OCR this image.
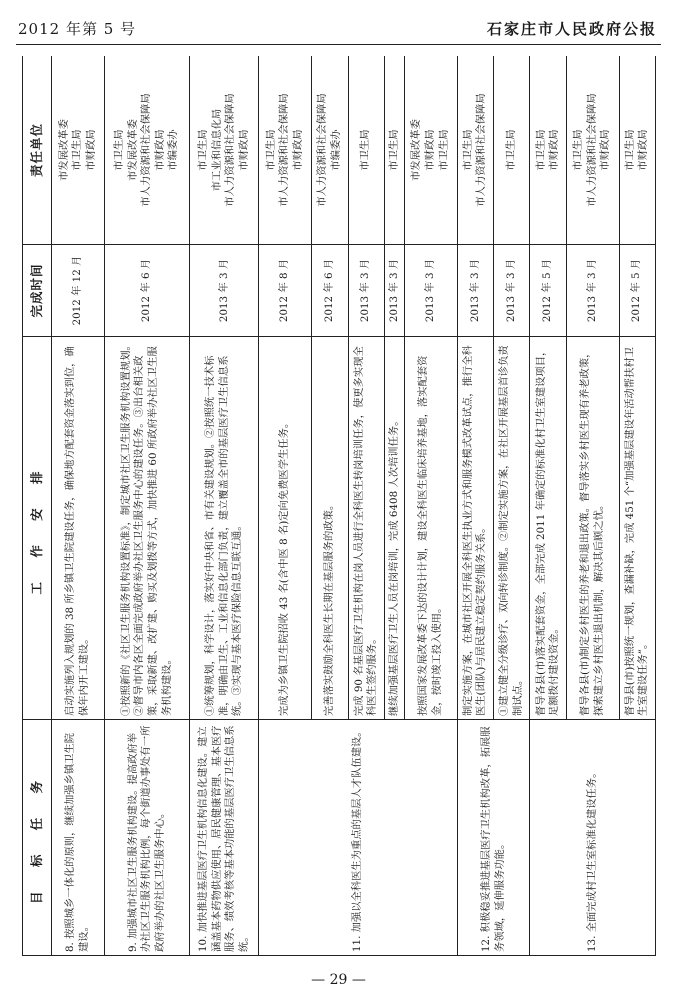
2012 年第 5 号	石家庄市人民政府公报
目 标 任 务	工 作 安 排	完成时间	责任单位
8. 按照城乡一体化的原则，继续加强乡镇卫生院建设。	启动实施列入规划的 38 所乡镇卫生院建设任务，确保地方配套资金落实到位，确保年内开工建设。	2012 年 12 月	市发展改革委
市卫生局
市财政局
9. 加强城市社区卫生服务机构建设。提高政府举办社区卫生服务机构比例，每个街道办事处有一所政府举办的社区卫生服务中心。	①按照新的《社区卫生服务机构设置标准》，制定城市社区卫生服务机构设置规划。②督导市内各区全面完成政府举办社区卫生服务中心的建设任务。③出台相关政策，采取新建、改扩建、购买及划拨等方式，加快推进 60 所政府举办社区卫生服务机构建设。	2012 年 6 月	市卫生局
市发展改革委
市人力资源和社会保障局
市财政局
市编委办
10. 加快推进基层医疗卫生机构信息化建设。建立涵盖基本药物供应使用、居民健康管理、基本医疗服务、绩效考核等基本功能的基层医疗卫生信息系统。	①统筹规划，科学设计，落实好中央和省、市有关建设规划。②按照统一技术标准，明确由卫生、工业和信息化部门负责，建立覆盖全市的基层医疗卫生信息系统。③实现与基本医疗保险信息互联互通。	2013 年 3 月	市卫生局
市工业和信息化局
市人力资源和社会保障局
市财政局
11. 加强以全科医生为重点的基层人才队伍建设。	完成为乡镇卫生院招收 43 名(含中医 8 名)定向免费医学生任务。	2012 年 8 月	市卫生局
市人力资源和社会保障局
市财政局
	完善落实鼓励全科医生长期在基层服务的政策。	2012 年 6 月	市人力资源和社会保障局
市编委办
	完成 90 名基层医疗卫生机构在岗人员进行全科医生转岗培训任务，使更多实现全科医生签约服务。	2013 年 3 月	市卫生局
	继续加强基层医疗卫生人员在岗培训，完成 6408 人次培训任务。	2013 年 3 月	市卫生局
	按照国家发展改革委下达的设计计划，建设全科医生临床培养基地，落实配套资金，按时竣工投入使用。	2013 年 3 月	市发展改革委
市财政局
市卫生局
12. 积极稳妥推进基层医疗卫生机构改革，拓展服务领域，延伸服务功能。	制定实施方案，在城市社区开展全科医生执业方式和服务模式改革试点，推行全科医生(团队)与居民建立稳定契约服务关系。	2013 年 3 月	市卫生局
市人力资源和社会保障局
	①建立健全分级诊疗、双向转诊制度。②制定实施方案，在社区开展基层首诊负责制试点。	2013 年 3 月	市卫生局
13. 全面完成村卫生室标准化建设任务。	督导各县(市)落实配套资金，全部完成 2011 年确定的标准化村卫生室建设项目，足额拨付建设资金。	2012 年 5 月	市卫生局
市财政局
	督导各县(市)制定乡村医生的养老和退出政策。督导落实乡村医生现有养老政策，探索建立乡村医生退出机制，解决其后顾之忧。	2013 年 3 月	市卫生局
市人力资源和社会保障局
市财政局
	督导县(市)按照统一规划，查漏补缺，完成 451 个“加强基层建设年活动帮扶村卫生室建设任务”。	2012 年 5 月	市卫生局
市财政局
— 29 —
